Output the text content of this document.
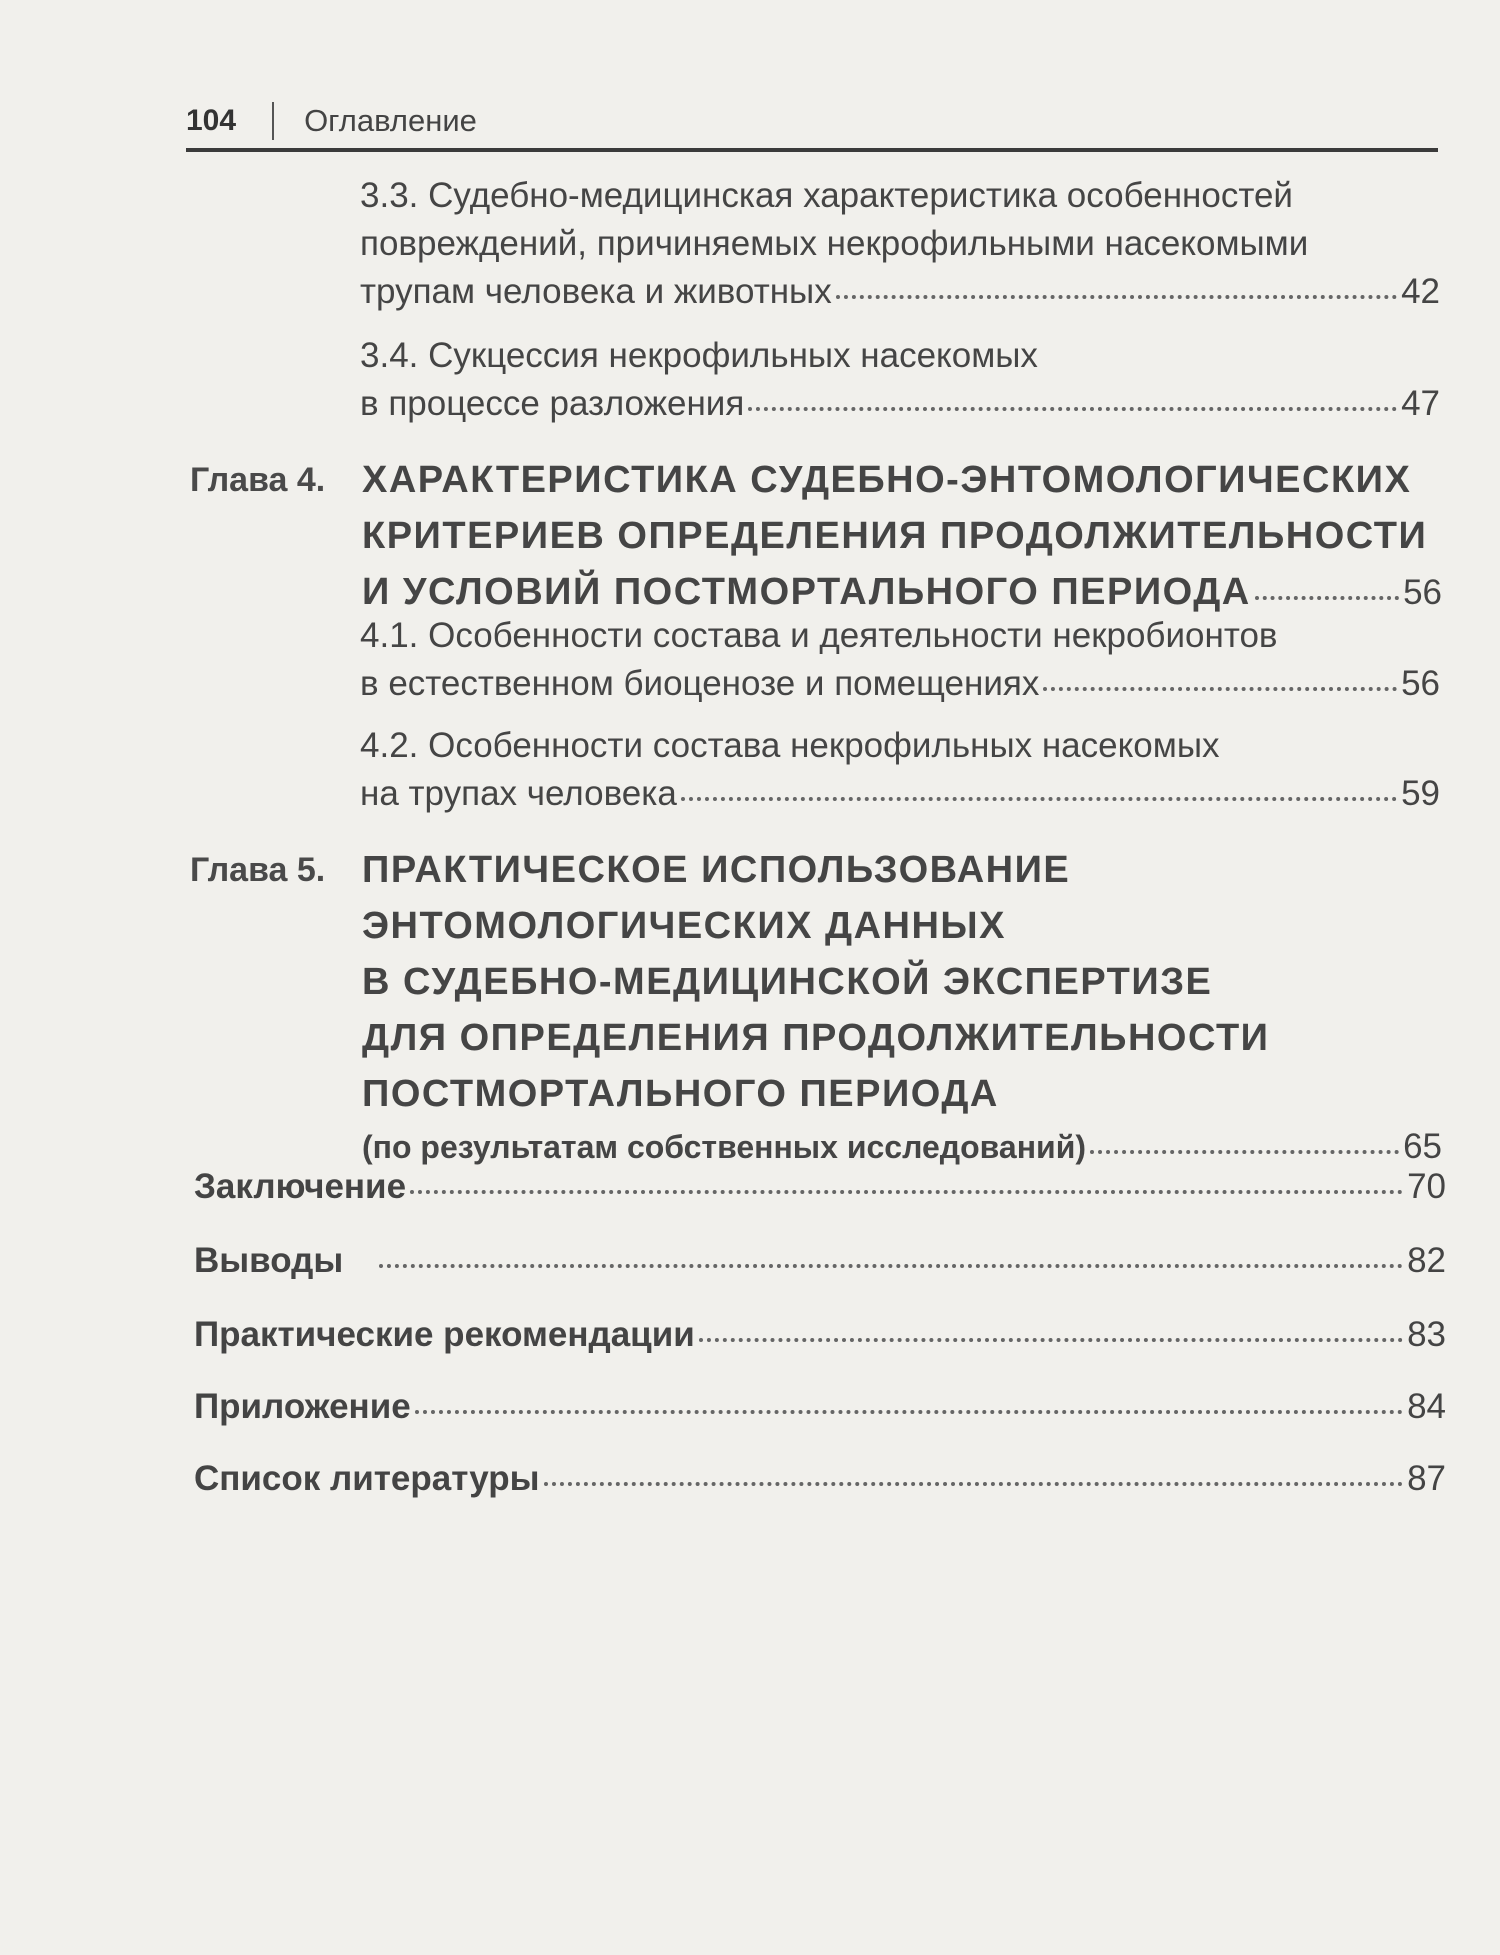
104 Оглавление
3.3. Судебно-медицинская характеристика особенностей
повреждений, причиняемых некрофильными насекомыми
трупам человека и животных	42
3.4. Сукцессия некрофильных насекомых
в процессе разложения	47
Глава 4. ХАРАКТЕРИСТИКА СУДЕБНО-ЭНТОМОЛОГИЧЕСКИХ
КРИТЕРИЕВ ОПРЕДЕЛЕНИЯ ПРОДОЛЖИТЕЛЬНОСТИ
И УСЛОВИЙ ПОСТМОРТАЛЬНОГО ПЕРИОДА	56
4.1. Особенности состава и деятельности некробионтов
в естественном биоценозе и помещениях	56
4.2. Особенности состава некрофильных насекомых
на трупах человека	59
Глава 5. ПРАКТИЧЕСКОЕ ИСПОЛЬЗОВАНИЕ
ЭНТОМОЛОГИЧЕСКИХ ДАННЫХ
В СУДЕБНО-МЕДИЦИНСКОЙ ЭКСПЕРТИЗЕ
ДЛЯ ОПРЕДЕЛЕНИЯ ПРОДОЛЖИТЕЛЬНОСТИ
ПОСТМОРТАЛЬНОГО ПЕРИОДА
(по результатам собственных исследований)	65
Заключение	70
Выводы	82
Практические рекомендации	83
Приложение	84
Список литературы	87
